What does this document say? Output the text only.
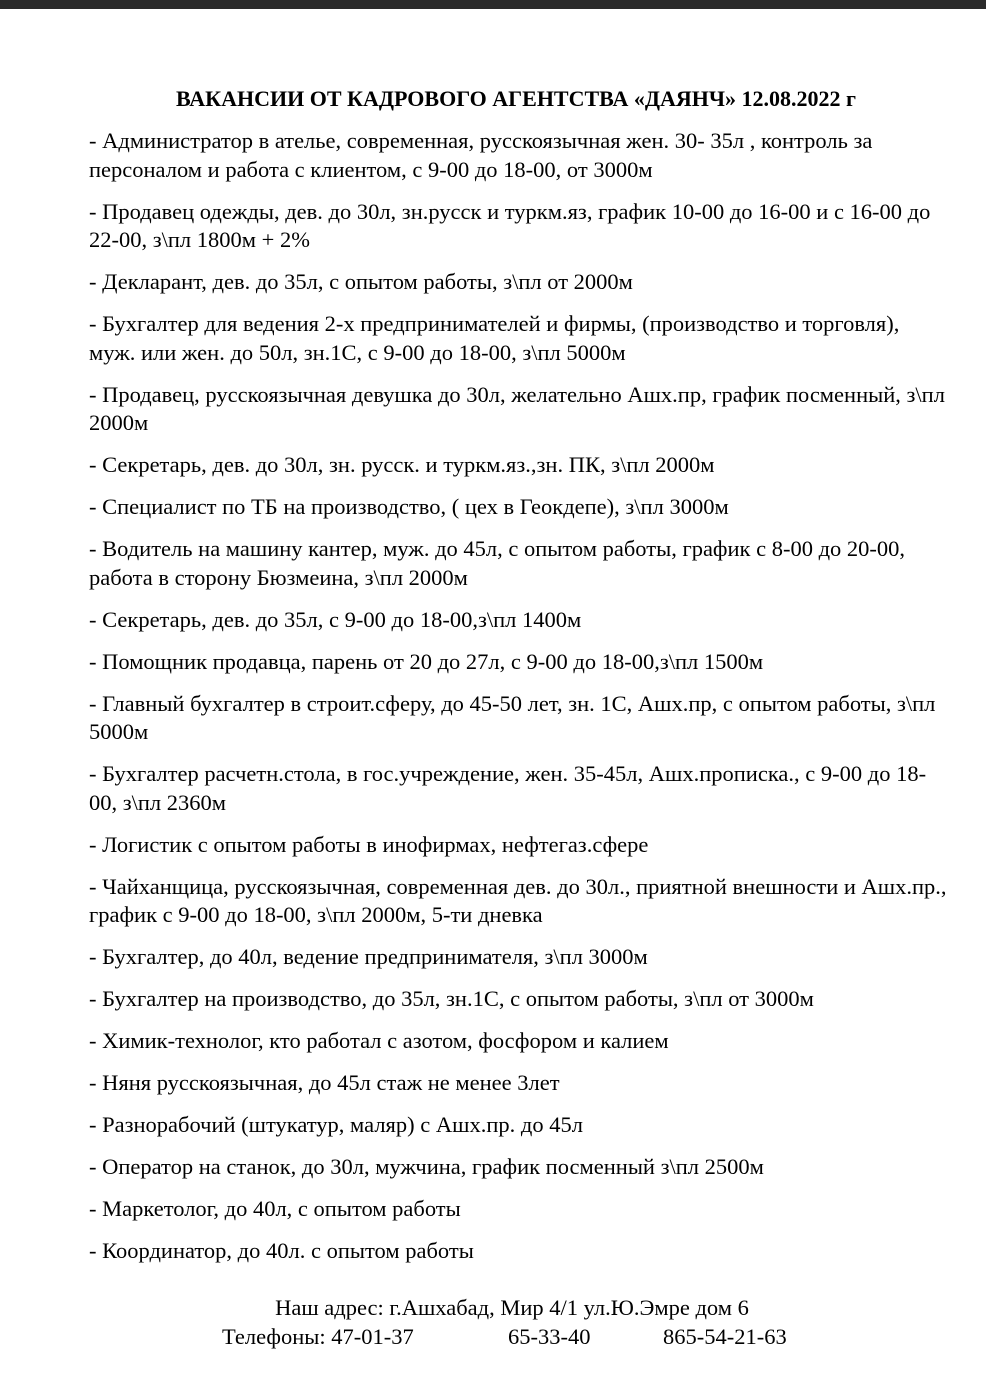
ВАКАНСИИ ОТ КАДРОВОГО АГЕНТСТВА «ДАЯНЧ» 12.08.2022 г
- Администратор в ателье, современная, русскоязычная жен. 30- 35л , контроль за персоналом и работа с клиентом, с 9-00 до 18-00, от 3000м
- Продавец одежды, дев. до 30л, зн.русск и туркм.яз, график 10-00 до 16-00 и с 16-00 до 22-00, з\пл 1800м + 2%
- Декларант, дев. до 35л, с опытом работы, з\пл от 2000м
- Бухгалтер для ведения 2-х предпринимателей и фирмы, (производство и торговля), муж. или жен. до 50л, зн.1С, с 9-00 до 18-00, з\пл 5000м
- Продавец, русскоязычная девушка до 30л, желательно Ашх.пр, график посменный, з\пл 2000м
- Секретарь, дев. до 30л, зн. русск. и туркм.яз.,зн. ПК, з\пл 2000м
- Специалист по ТБ на производство, ( цех в Геокдепе), з\пл 3000м
- Водитель на машину кантер, муж. до 45л, с опытом работы, график с 8-00 до 20-00, работа в сторону Бюзмеина, з\пл 2000м
- Секретарь, дев. до 35л, с 9-00 до 18-00,з\пл 1400м
- Помощник продавца, парень от 20 до 27л, с 9-00 до 18-00,з\пл 1500м
- Главный бухгалтер в строит.сферу, до 45-50 лет, зн. 1С, Ашх.пр, с опытом работы, з\пл 5000м
- Бухгалтер расчетн.стола, в гос.учреждение, жен. 35-45л, Ашх.прописка., с 9-00 до 18-00, з\пл 2360м
- Логистик с опытом работы в инофирмах, нефтегаз.сфере
- Чайханщица, русскоязычная, современная дев. до 30л., приятной внешности и Ашх.пр., график с 9-00 до 18-00, з\пл 2000м, 5-ти дневка
- Бухгалтер, до 40л, ведение предпринимателя, з\пл 3000м
- Бухгалтер на производство, до 35л, зн.1С, с опытом работы, з\пл от 3000м
- Химик-технолог, кто работал с азотом, фосфором и калием
- Няня русскоязычная, до 45л стаж не менее 3лет
- Разнорабочий (штукатур, маляр) с Ашх.пр. до 45л
- Оператор на станок, до 30л, мужчина, график посменный з\пл 2500м
- Маркетолог, до 40л, с опытом работы
- Координатор, до 40л. с опытом работы
Наш адрес: г.Ашхабад, Мир 4/1 ул.Ю.Эмре дом 6
Телефоны: 47-01-37	65-33-40	865-54-21-63
